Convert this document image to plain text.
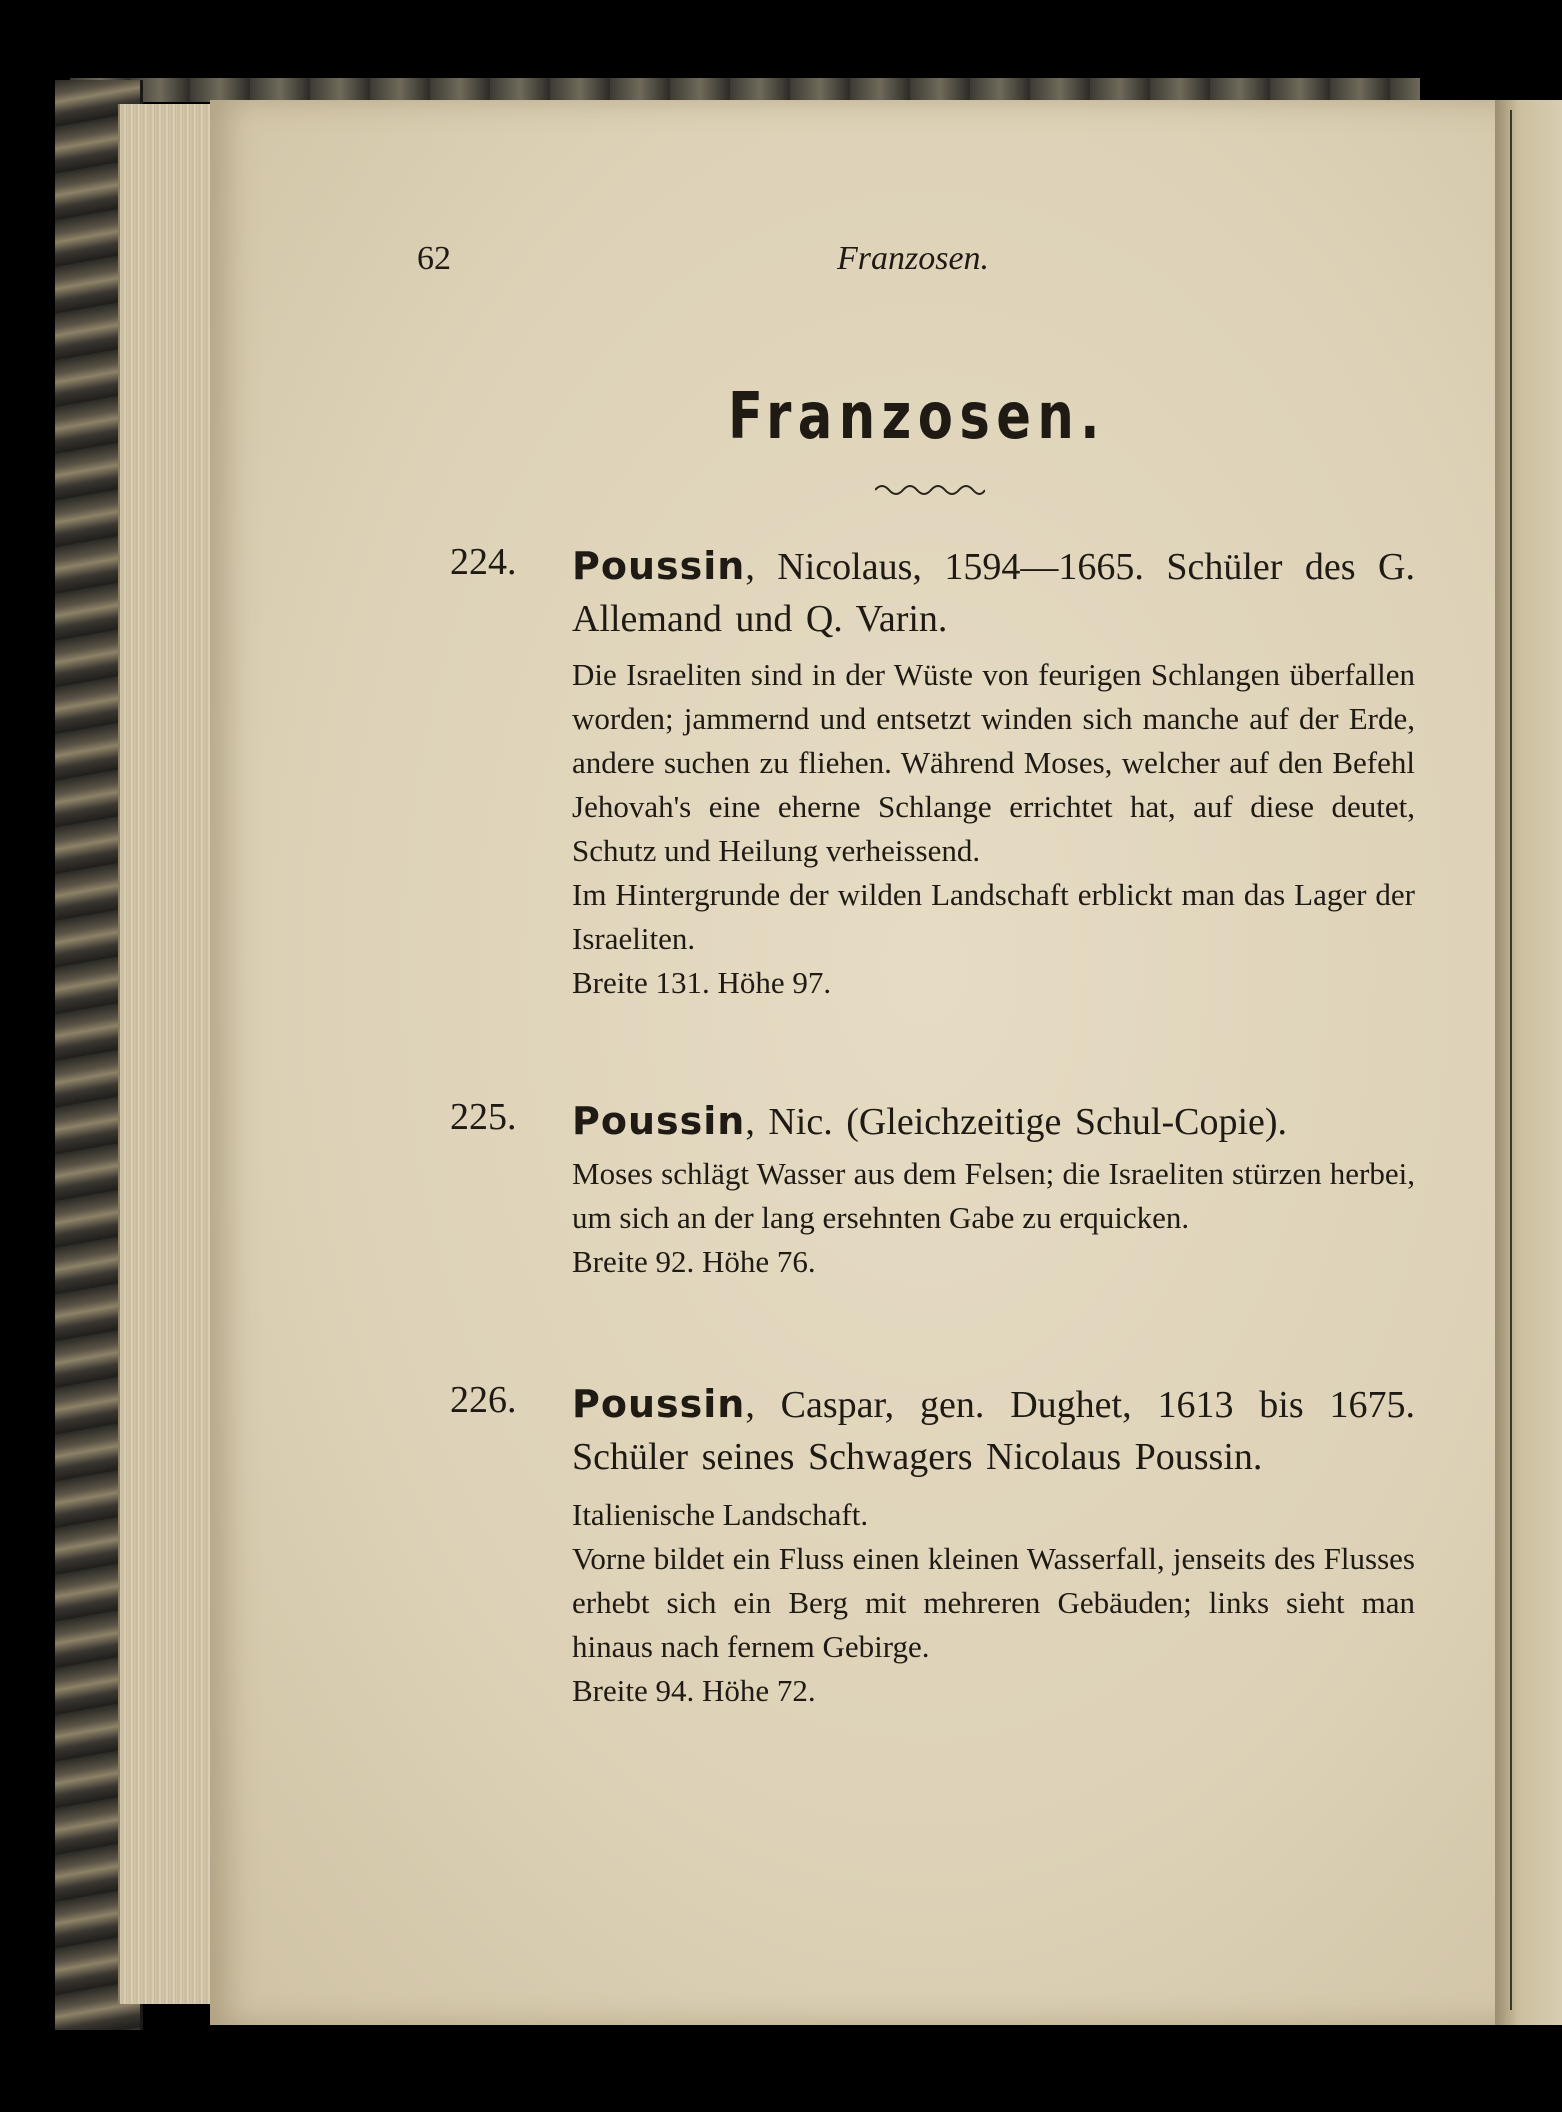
62	Franzosen.
Franzosen.
224. Poussin, Nicolaus, 1594—1665. Schüler des G. Allemand und Q. Varin.

Die Israeliten sind in der Wüste von feurigen Schlangen überfallen worden; jammernd und entsetzt winden sich manche auf der Erde, andere suchen zu fliehen. Während Moses, welcher auf den Befehl Jehovah's eine eherne Schlange errichtet hat, auf diese deutet, Schutz und Heilung verheissend.

Im Hintergrunde der wilden Landschaft erblickt man das Lager der Israeliten.

Breite 131. Höhe 97.
225. Poussin, Nic. (Gleichzeitige Schul-Copie).

Moses schlägt Wasser aus dem Felsen; die Israeliten stürzen herbei, um sich an der lang ersehnten Gabe zu erquicken.

Breite 92. Höhe 76.
226. Poussin, Caspar, gen. Dughet, 1613 bis 1675. Schüler seines Schwagers Nicolaus Poussin.

Italienische Landschaft.

Vorne bildet ein Fluss einen kleinen Wasserfall, jenseits des Flusses erhebt sich ein Berg mit mehreren Gebäuden; links sieht man hinaus nach fernem Gebirge.

Breite 94. Höhe 72.
